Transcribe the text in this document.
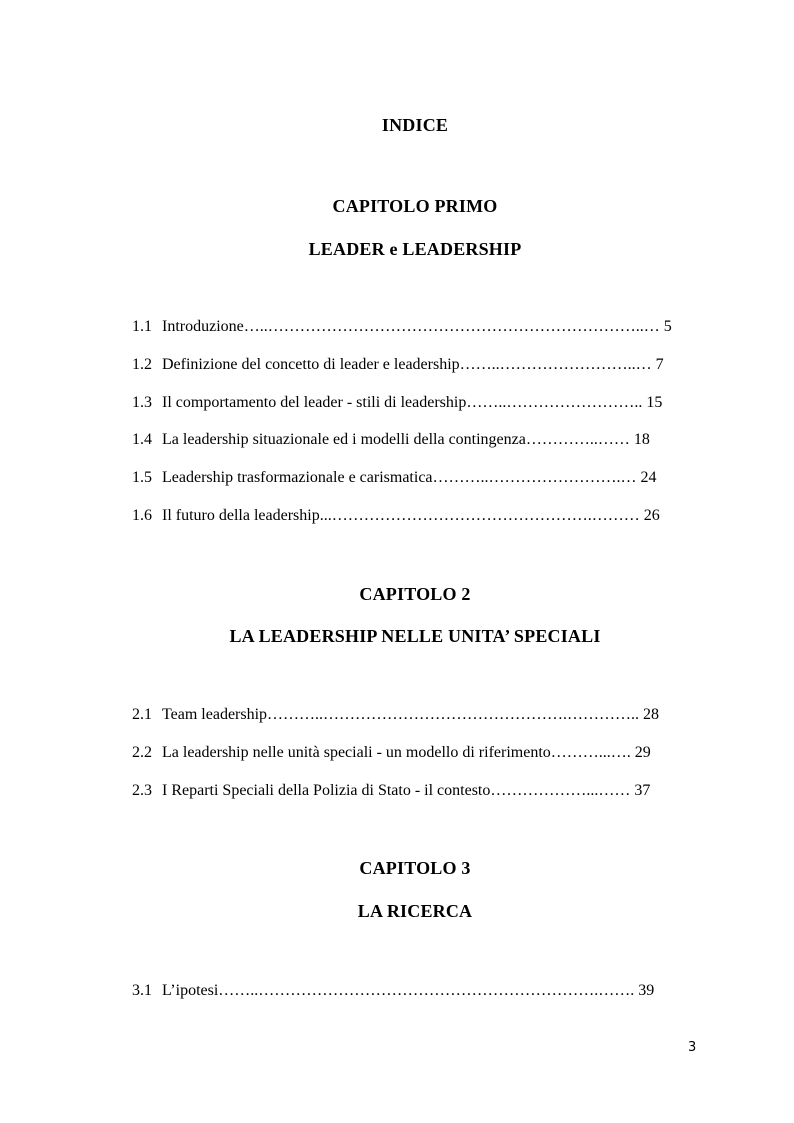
INDICE
CAPITOLO PRIMO
LEADER e LEADERSHIP
1.1 Introduzione…..……………………………………………………………..… 5
1.2 Definizione del concetto di leader e leadership……..……………………..… 7
1.3 Il comportamento del leader - stili di leadership……..…………………….. 15
1.4 La leadership situazionale ed i modelli della contingenza…………..…… 18
1.5 Leadership trasformazionale e carismatica………..…………………….… 24
1.6 Il futuro della leadership...………………………………………….……… 26
CAPITOLO 2
LA LEADERSHIP NELLE UNITA’ SPECIALI
2.1 Team leadership………..……………………………………….………….. 28
2.2 La leadership nelle unità speciali - un modello di riferimento………...…. 29
2.3 I Reparti Speciali della Polizia di Stato - il contesto………………...…… 37
CAPITOLO 3
LA RICERCA
3.1 L’ipotesi……..……………………………………………………….……. 39
3
